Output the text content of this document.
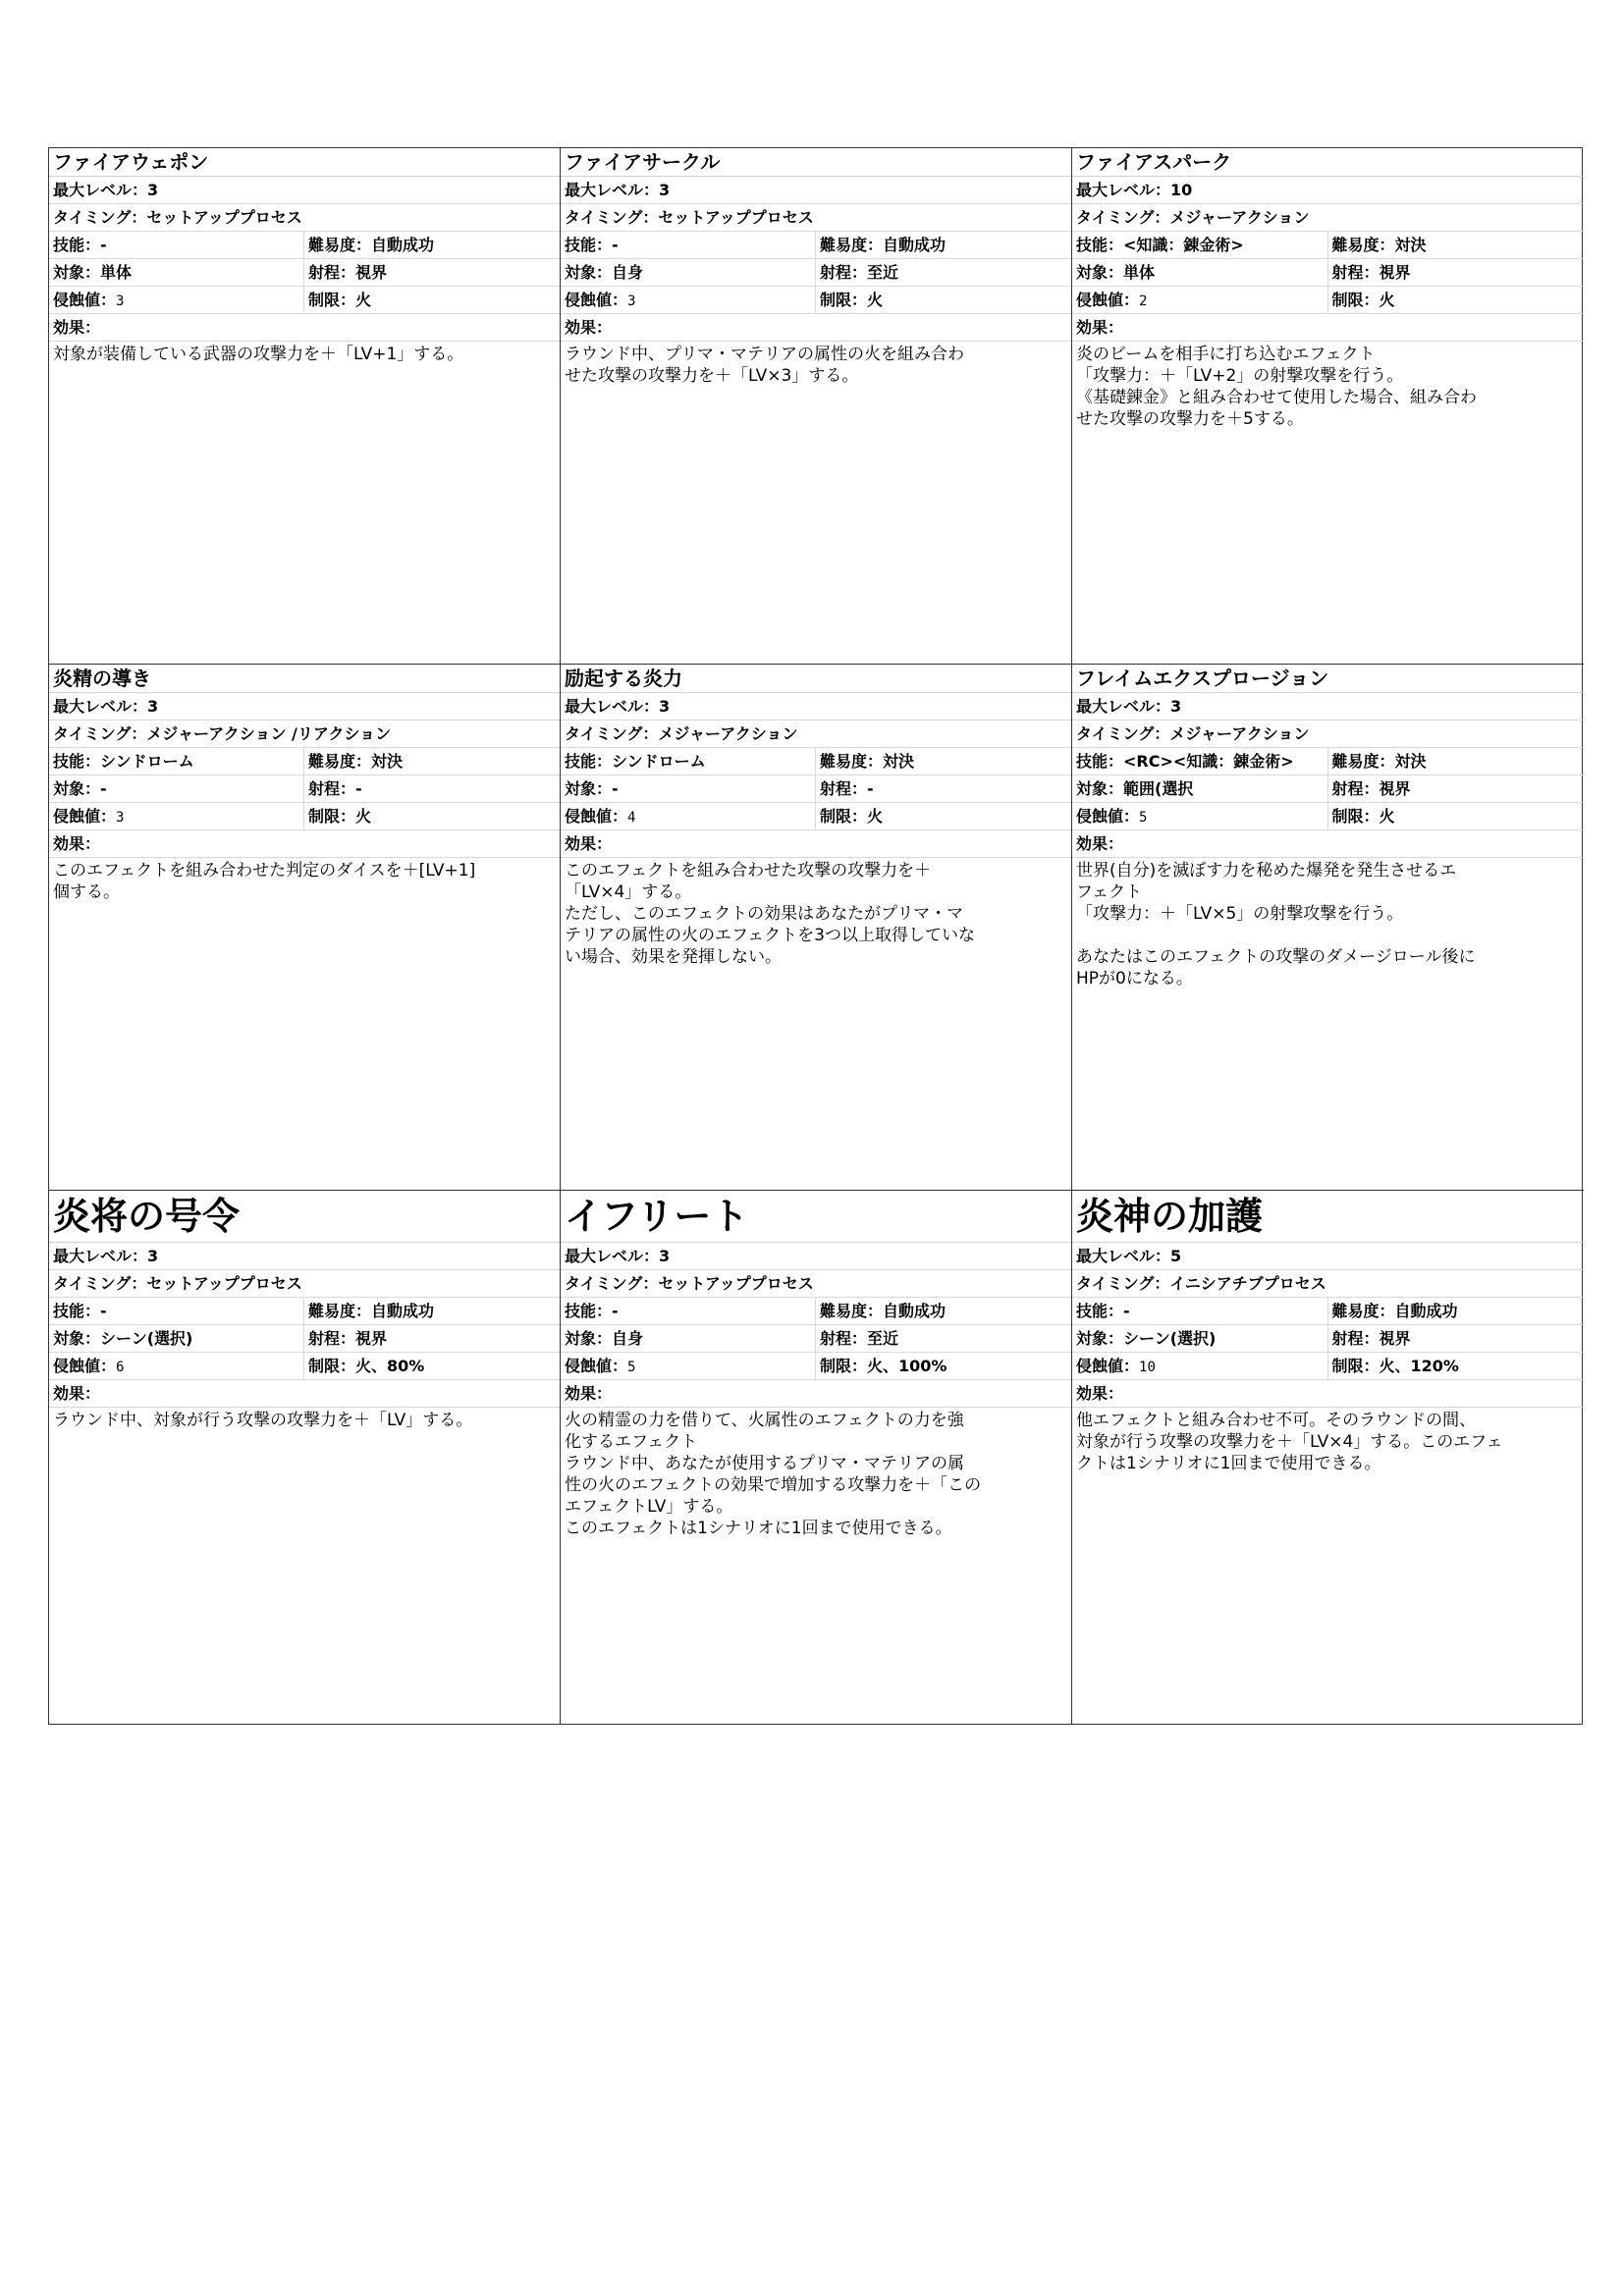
ファイアウェポン
最大レベル：3
タイミング：セットアッププロセス
技能：-	難易度：自動成功
対象：単体	射程：視界
侵蝕値：3	制限：火
効果：
対象が装備している武器の攻撃力を＋「LV+1」する。
ファイアサークル
最大レベル：3
タイミング：セットアッププロセス
技能：-	難易度：自動成功
対象：自身	射程：至近
侵蝕値：3	制限：火
効果：
ラウンド中、プリマ・マテリアの属性の火を組み合わ
せた攻撃の攻撃力を＋「LV×3」する。
ファイアスパーク
最大レベル：10
タイミング：メジャーアクション
技能：<知識：錬金術>	難易度：対決
対象：単体	射程：視界
侵蝕値：2	制限：火
効果：
炎のビームを相手に打ち込むエフェクト
「攻撃力：＋「LV+2」の射撃攻撃を行う。
《基礎錬金》と組み合わせて使用した場合、組み合わ
せた攻撃の攻撃力を＋5する。
炎精の導き
最大レベル：3
タイミング：メジャーアクション /リアクション
技能：シンドローム	難易度：対決
対象：-	射程：-
侵蝕値：3	制限：火
効果：
このエフェクトを組み合わせた判定のダイスを＋[LV+1]
個する。
励起する炎力
最大レベル：3
タイミング：メジャーアクション
技能：シンドローム	難易度：対決
対象：-	射程：-
侵蝕値：4	制限：火
効果：
このエフェクトを組み合わせた攻撃の攻撃力を＋
「LV×4」する。
ただし、このエフェクトの効果はあなたがプリマ・マ
テリアの属性の火のエフェクトを3つ以上取得していな
い場合、効果を発揮しない。
フレイムエクスプロージョン
最大レベル：3
タイミング：メジャーアクション
技能：<RC><知識：錬金術>	難易度：対決
対象：範囲(選択	射程：視界
侵蝕値：5	制限：火
効果：
世界(自分)を滅ぼす力を秘めた爆発を発生させるエ
フェクト
「攻撃力：＋「LV×5」の射撃攻撃を行う。

あなたはこのエフェクトの攻撃のダメージロール後に
HPが0になる。
炎将の号令
最大レベル：3
タイミング：セットアッププロセス
技能：-	難易度：自動成功
対象：シーン(選択)	射程：視界
侵蝕値：6	制限：火、80%
効果：
ラウンド中、対象が行う攻撃の攻撃力を＋「LV」する。
イフリート
最大レベル：3
タイミング：セットアッププロセス
技能：-	難易度：自動成功
対象：自身	射程：至近
侵蝕値：5	制限：火、100%
効果：
火の精霊の力を借りて、火属性のエフェクトの力を強
化するエフェクト
ラウンド中、あなたが使用するプリマ・マテリアの属
性の火のエフェクトの効果で増加する攻撃力を＋「この
エフェクトLV」する。
このエフェクトは1シナリオに1回まで使用できる。
炎神の加護
最大レベル：5
タイミング：イニシアチブプロセス
技能：-	難易度：自動成功
対象：シーン(選択)	射程：視界
侵蝕値：10	制限：火、120%
効果：
他エフェクトと組み合わせ不可。そのラウンドの間、
対象が行う攻撃の攻撃力を＋「LV×4」する。このエフェ
クトは1シナリオに1回まで使用できる。
